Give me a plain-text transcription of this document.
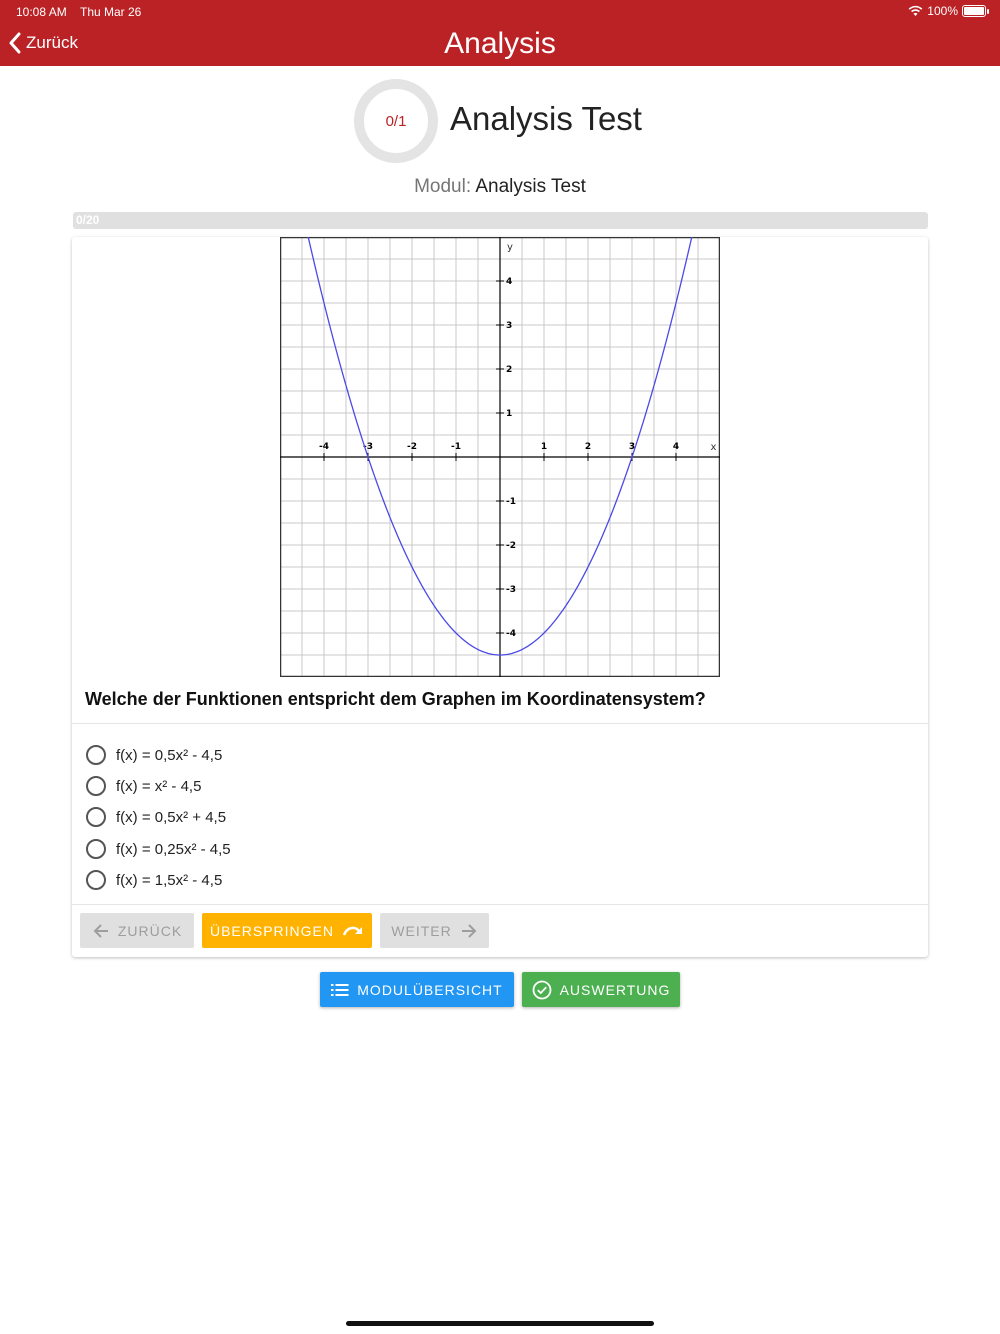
10:08 AM Thu Mar 26	100%
Zurück	Analysis
0/1 Analysis Test
Modul: Analysis Test
0/20
-4	-3	-2	-1	1	2	3	4
4
3
2
1
-1
-2
-3
-4
x
y
Welche der Funktionen entspricht dem Graphen im Koordinatensystem?
f(x) = 0,5x² - 4,5
f(x) = x² - 4,5
f(x) = 0,5x² + 4,5
f(x) = 0,25x² - 4,5
f(x) = 1,5x² - 4,5
ZURÜCK ÜBERSPRINGEN	WEITER
MODULÜBERSICHT	AUSWERTUNG
